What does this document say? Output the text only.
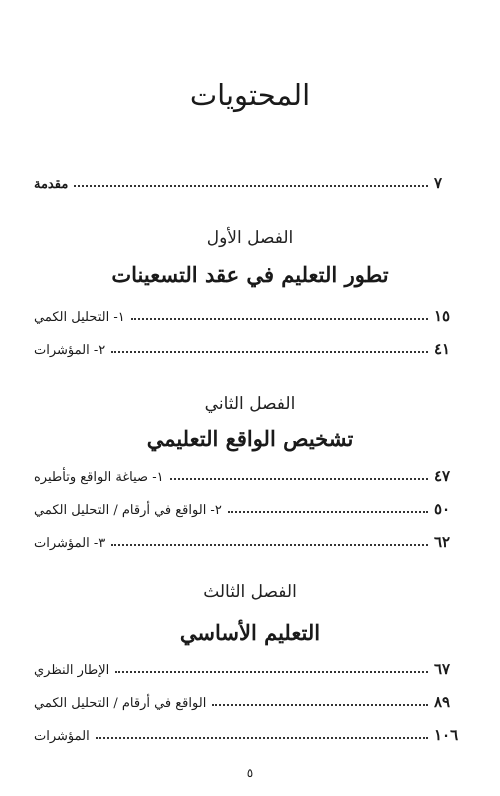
المحتويات
مقدمة	٧
الفصل الأول
تطور التعليم في عقد التسعينات
١- التحليل الكمي	١٥
٢- المؤشرات	٤١
الفصل الثاني
تشخيص الواقع التعليمي
١- صياغة الواقع وتأطيره	٤٧
٢- الواقع في أرقام / التحليل الكمي	٥٠
٣- المؤشرات	٦٢
الفصل الثالث
التعليم الأساسي
الإطار النظري	٦٧
الواقع في أرقام / التحليل الكمي	٨٩
المؤشرات	١٠٦
٥
